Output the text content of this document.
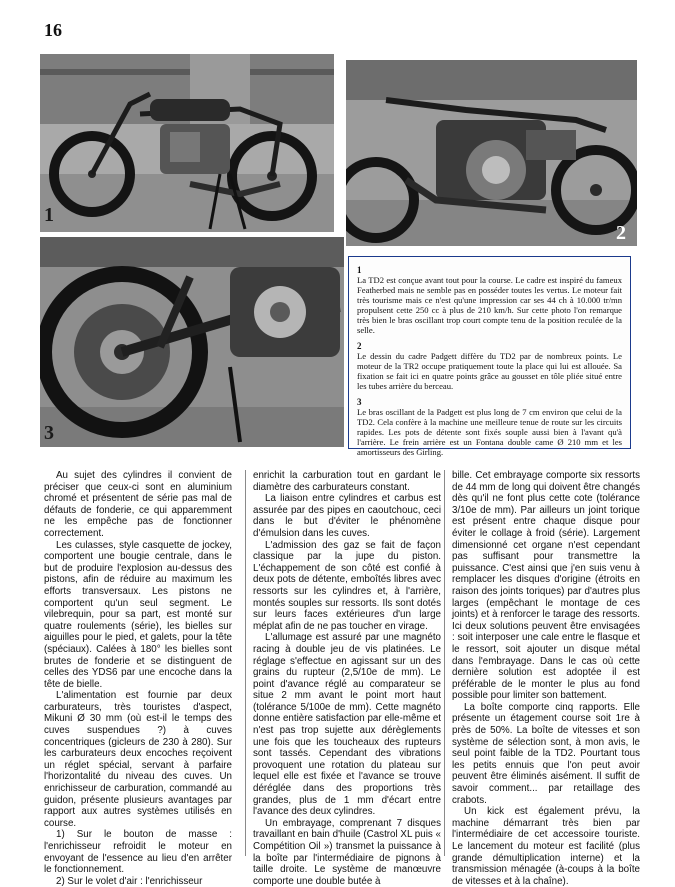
16
1
2
3
1
La TD2 est conçue avant tout pour la course. Le cadre est inspiré du fameux Featherbed mais ne semble pas en posséder toutes les vertus. Le moteur fait très tourisme mais ce n'est qu'une impression car ses 44 ch à 10.000 tr/mn propulsent cette 250 cc à plus de 210 km/h. Sur cette photo l'on remarque très bien le bras oscillant trop court compte tenu de la position reculée de la selle.
2
Le dessin du cadre Padgett diffère du TD2 par de nombreux points. Le moteur de la TR2 occupe pratiquement toute la place qui lui est allouée. Sa fixation se fait ici en quatre points grâce au gousset en tôle pliée situé entre les tubes arrière du berceau.
3
Le bras oscillant de la Padgett est plus long de 7 cm environ que celui de la TD2. Cela confère à la machine une meilleure tenue de route sur les circuits rapides. Les pots de détente sont fixés souple aussi bien à l'avant qu'à l'arrière. Le frein arrière est un Fontana double came Ø 210 mm et les amortisseurs des Girling.

Au sujet des cylindres il convient de préciser que ceux-ci sont en aluminium chromé et présentent de série pas mal de défauts de fonderie, ce qui apparemment ne les empêche pas de fonctionner correctement.

Les culasses, style casquette de jockey, comportent une bougie centrale, dans le but de produire l'explosion au-dessus des pistons, afin de réduire au maximum les efforts transversaux. Les pistons ne comportent qu'un seul segment. Le vilebrequin, pour sa part, est monté sur quatre roulements (série), les bielles sur aiguilles pour le pied, et galets, pour la tête (spéciaux). Calées à 180° les bielles sont brutes de fonderie et se distinguent de celles des YDS6 par une encoche dans la tête de bielle.

L'alimentation est fournie par deux carburateurs, très touristes d'aspect, Mikuni Ø 30 mm (où est-il le temps des cuves suspendues ?) à cuves concentriques (gicleurs de 230 à 280). Sur les carburateurs deux encoches reçoivent un réglet spécial, servant à parfaire l'horizontalité du niveau des cuves. Un enrichisseur de carburation, commandé au guidon, présente plusieurs avantages par rapport aux autres systèmes utilisés en course.

1) Sur le bouton de masse : l'enrichisseur refroidit le moteur en envoyant de l'essence au lieu d'en arrêter le fonctionnement.

2) Sur le volet d'air : l'enrichisseur

enrichit la carburation tout en gardant le diamètre des carburateurs constant.

La liaison entre cylindres et carbus est assurée par des pipes en caoutchouc, ceci dans le but d'éviter le phénomène d'émulsion dans les cuves.

L'admission des gaz se fait de façon classique par la jupe du piston. L'échappement de son côté est confié à deux pots de détente, emboîtés libres avec ressorts sur les cylindres et, à l'arrière, montés souples sur ressorts. Ils sont dotés sur leurs faces extérieures d'un large méplat afin de ne pas toucher en virage.

L'allumage est assuré par une magnéto racing à double jeu de vis platinées. Le réglage s'effectue en agissant sur un des grains du rupteur (2,5/10e de mm). Le point d'avance réglé au comparateur se situe 2 mm avant le point mort haut (tolérance 5/100e de mm). Cette magnéto donne entière satisfaction par elle-même et n'est pas trop sujette aux dérèglements une fois que les toucheaux des rupteurs sont tassés. Cependant des vibrations provoquent une rotation du plateau sur lequel elle est fixée et l'avance se trouve déréglée dans des proportions très grandes, plus de 1 mm d'écart entre l'avance des deux cylindres.

Un embrayage, comprenant 7 disques travaillant en bain d'huile (Castrol XL puis « Compétition Oil ») transmet la puissance à la boîte par l'intermédiaire de pignons à taille droite. Le système de manœuvre comporte une double butée à

bille. Cet embrayage comporte six ressorts de 44 mm de long qui doivent être changés dès qu'il ne font plus cette cote (tolérance 3/10e de mm). Par ailleurs un joint torique est présent entre chaque disque pour éviter le collage à froid (série). Largement dimensionné cet organe n'est cependant pas suffisant pour transmettre la puissance. C'est ainsi que j'en suis venu à remplacer les disques d'origine (étroits en raison des joints toriques) par d'autres plus larges (empêchant le montage de ces joints) et à renforcer le tarage des ressorts. Ici deux solutions peuvent être envisagées : soit interposer une cale entre le flasque et le ressort, soit ajouter un disque métal dans l'embrayage. Dans le cas où cette dernière solution est adoptée il est préférable de le monter le plus au fond possible pour limiter son battement.

La boîte comporte cinq rapports. Elle présente un étagement course soit 1re à près de 50%. La boîte de vitesses et son système de sélection sont, à mon avis, le seul point faible de la TD2. Pourtant tous les petits ennuis que l'on peut avoir peuvent être éliminés aisément. Il suffit de savoir comment... par retaillage des crabots.

Un kick est également prévu, la machine démarrant très bien par l'intermédiaire de cet accessoire touriste. Le lancement du moteur est facilité (plus grande démultiplication interne) et la transmission ménagée (à-coups à la boîte de vitesses et à la chaîne).
